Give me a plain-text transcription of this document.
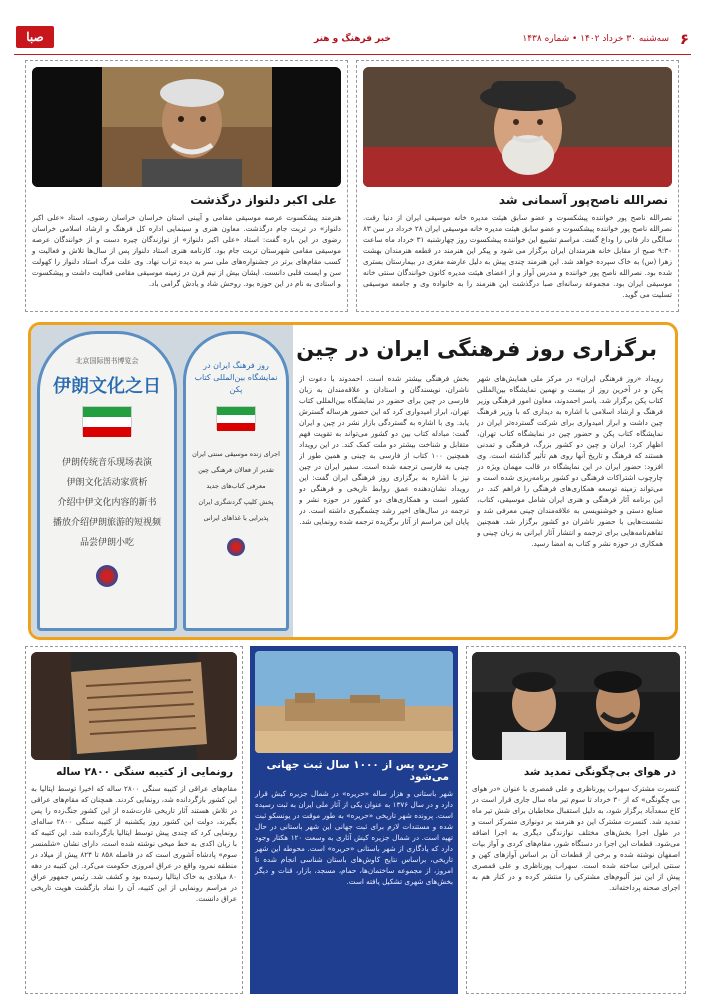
صبا	خبر فرهنگ و هنر	سه‌شنبه ۳۰ خرداد ۱۴۰۲ • شماره ۱۴۳۸ ۶
نصرالله ناصح‌پور آسمانی شد

نصرالله ناصح پور خواننده پیشکسوت و عضو سابق هیئت مدیره خانه موسیقی ایران از دنیا رفت. نصرالله ناصح پور خواننده پیشکسوت و عضو سابق هیئت مدیره خانه موسیقی ایران ۲۸ خرداد در سن ۸۳ سالگی دار فانی را وداع گفت. مراسم تشییع این خواننده پیشکسوت روز چهارشنبه ۳۱ خرداد ماه ساعت ۹:۳۰ صبح از مقابل خانه هنرمندان ایران برگزار می شود و پیکر این هنرمند در قطعه هنرمندان بهشت زهرا (س) به خاک سپرده خواهد شد. این هنرمند چندی پیش به دلیل عارضه مغزی در بیمارستان بستری شده بود. نصرالله ناصح پور خواننده و مدرس آواز و از اعضای هیئت مدیره کانون خوانندگان سنتی خانه موسیقی ایران بود. مجموعه رسانه‌ای صبا درگذشت این هنرمند را به خانواده وی و جامعه موسیقی تسلیت می گوید.

علی اکبر دلنواز درگذشت

هنرمند پیشکسوت عرصه موسیقی مقامی و آیینی استان خراسان خراسان رضوی، استاد «علی اکبر دلنواز» در تربت جام درگذشت. معاون هنری و سینمایی اداره کل فرهنگ و ارشاد اسلامی خراسان رضوی در این باره گفت: استاد «علی اکبر دلنواز» از نوازندگان چیره دست و از خوانندگان عرصه موسیقی مقامی شهرستان تربت جام بود. کارنامه هنری استاد دلنواز پس از سال‌ها تلاش و فعالیت و کسب مقام‌های برتر در جشنواره‌های ملی سر به دیده تراب نهاد. وی علت مرگ استاد دلنواز را کهولت سن و ایست قلبی دانست. ایشان بیش از نیم قرن در زمینه موسیقی مقامی فعالیت داشت و پیشکسوت و استادی به نام در این حوزه بود. روحش شاد و یادش گرامی باد.

برگزاری روز فرهنگی ایران در چین

رویداد «روز فرهنگی ایران» در مرکز ملی همایش‌های شهر پکن و در آخرین روز از بیست و نهمین نمایشگاه بین‌المللی کتاب پکن برگزار شد. یاسر احمدوند، معاون امور فرهنگی وزیر فرهنگ و ارشاد اسلامی با اشاره به دیداری که با وزیر فرهنگ چین داشت و ابراز امیدواری برای شرکت گسترده‌تر ایران در نمایشگاه کتاب پکن و حضور چین در نمایشگاه کتاب تهران، اظهار کرد: ایران و چین دو کشور بزرگ، فرهنگی و تمدنی هستند که فرهنگ و تاریخ آنها روی هم تأثیر گذاشته است. وی افزود: حضور ایران در این نمایشگاه در قالب مهمان ویژه در چارچوب اشتراکات فرهنگی دو کشور برنامه‌ریزی شده است و می‌تواند زمینه توسعه همکاری‌های فرهنگی را فراهم کند. در این برنامه آثار فرهنگی و هنری ایران شامل موسیقی، کتاب، صنایع دستی و خوشنویسی به علاقه‌مندان چینی معرفی شد و نشست‌هایی با حضور ناشران دو کشور برگزار شد. همچنین تفاهم‌نامه‌هایی برای ترجمه و انتشار آثار ایرانی به زبان چینی و همکاری در حوزه نشر و کتاب به امضا رسید.

بخش فرهنگی بیشتر شده است. احمدوند با دعوت از ناشران، نویسندگان و استادان و علاقه‌مندان به زبان فارسی در چین برای حضور در نمایشگاه بین‌المللی کتاب تهران، ابراز امیدواری کرد که این حضور هرساله گسترش یابد. وی با اشاره به گستردگی بازار نشر در چین و ایران گفت: مبادله کتاب بین دو کشور می‌تواند به تقویت فهم متقابل و شناخت بیشتر دو ملت کمک کند. در این رویداد همچنین ۱۰۰ کتاب از فارسی به چینی و همین طور از چینی به فارسی ترجمه شده است. سفیر ایران در چین نیز با اشاره به برگزاری روز فرهنگی ایران گفت: این رویداد نشان‌دهنده عمق روابط تاریخی و فرهنگی دو کشور است و همکاری‌های دو کشور در حوزه نشر و ترجمه در سال‌های اخیر رشد چشمگیری داشته است. در پایان این مراسم از آثار برگزیده ترجمه شده رونمایی شد.

北京国际图书博览会
伊朗文化之日
伊朗传统音乐现场表演
伊朗文化活动家赏析
介绍中伊文化内容的新书
播放介绍伊朗旅游的短视频
品尝伊朗小吃
روز فرهنگ ایران در نمایشگاه بین‌المللی کتاب پکن
اجرای زنده موسیقی سنتی ایران
تقدیر از فعالان فرهنگی چین
معرفی کتاب‌های جدید
پخش کلیپ گردشگری ایران
پذیرایی با غذاهای ایرانی
در هوای بی‌چگونگی تمدید شد

کنسرت مشترک سهراب پورناظری و علی قمصری با عنوان «در هوای بی چگونگی» که از ۳۰ خرداد تا سوم تیر ماه سال جاری قرار است در کاخ سعدآباد برگزار شود، به دلیل استقبال مخاطبان برای شش تیر ماه تمدید شد. کنسرت مشترک این دو هنرمند بر دونوازی متمرکز است و در طول اجرا بخش‌های مختلف نوازندگی دیگری به اجرا اضافه می‌شود. قطعات این اجرا در دستگاه شور، مقام‌های کردی و آواز بیات اصفهان نوشته شده و برخی از قطعات آن بر اساس آوازهای کهن و سنتی ایرانی ساخته شده است. سهراب پورناظری و علی قمصری پیش از این نیز آلبوم‌های مشترکی را منتشر کرده و در کنار هم به اجرای صحنه پرداخته‌اند.

حریره پس از ۱۰۰۰ سال ثبت جهانی می‌شود

شهر باستانی و هزار ساله «حریره» در شمال جزیره کیش قرار دارد و در سال ۱۳۷۶ به عنوان یکی از آثار ملی ایران به ثبت رسیده است. پرونده شهر تاریخی «حریره» به طور موقت در یونسکو ثبت شده و مستندات لازم برای ثبت جهانی این شهر باستانی در حال تهیه است. در شمال جزیره کیش آثاری به وسعت ۱۲۰ هکتار وجود دارد که یادگاری از شهر باستانی «حریره» است. محوطه این شهر تاریخی، براساس نتایج کاوش‌های باستان شناسی انجام شده تا امروز، از مجموعه ساختمان‌ها، حمام، مسجد، بازار، قنات و دیگر بخش‌های شهری تشکیل یافته است.

رونمایی از کتیبه سنگی ۲۸۰۰ ساله

مقام‌های عراقی از کتیبه سنگی ۲۸۰۰ ساله که اخیرا توسط ایتالیا به این کشور بازگردانده شد، رونمایی کردند. همچنان که مقام‌های عراقی در تلاش هستند آثار تاریخی غارت‌شده از این کشور جنگ‌زده را پس بگیرند، دولت این کشور روز یکشنبه از کتیبه سنگی ۲۸۰۰ ساله‌ای رونمایی کرد که چندی پیش توسط ایتالیا بازگردانده شد. این کتیبه که با زبان اکدی به خط میخی نوشته شده است، دارای نشان «شلمنسر سوم» پادشاه آشوری است که در فاصله ۸۵۸ تا ۸۲۴ پیش از میلاد در منطقه نمرود واقع در عراق امروزی حکومت می‌کرد. این کتیبه در دهه ۸۰ میلادی به خاک ایتالیا رسیده بود و کشف شد. رئیس جمهور عراق در مراسم رونمایی از این کتیبه، آن را نماد بازگشت هویت تاریخی عراق دانست.
